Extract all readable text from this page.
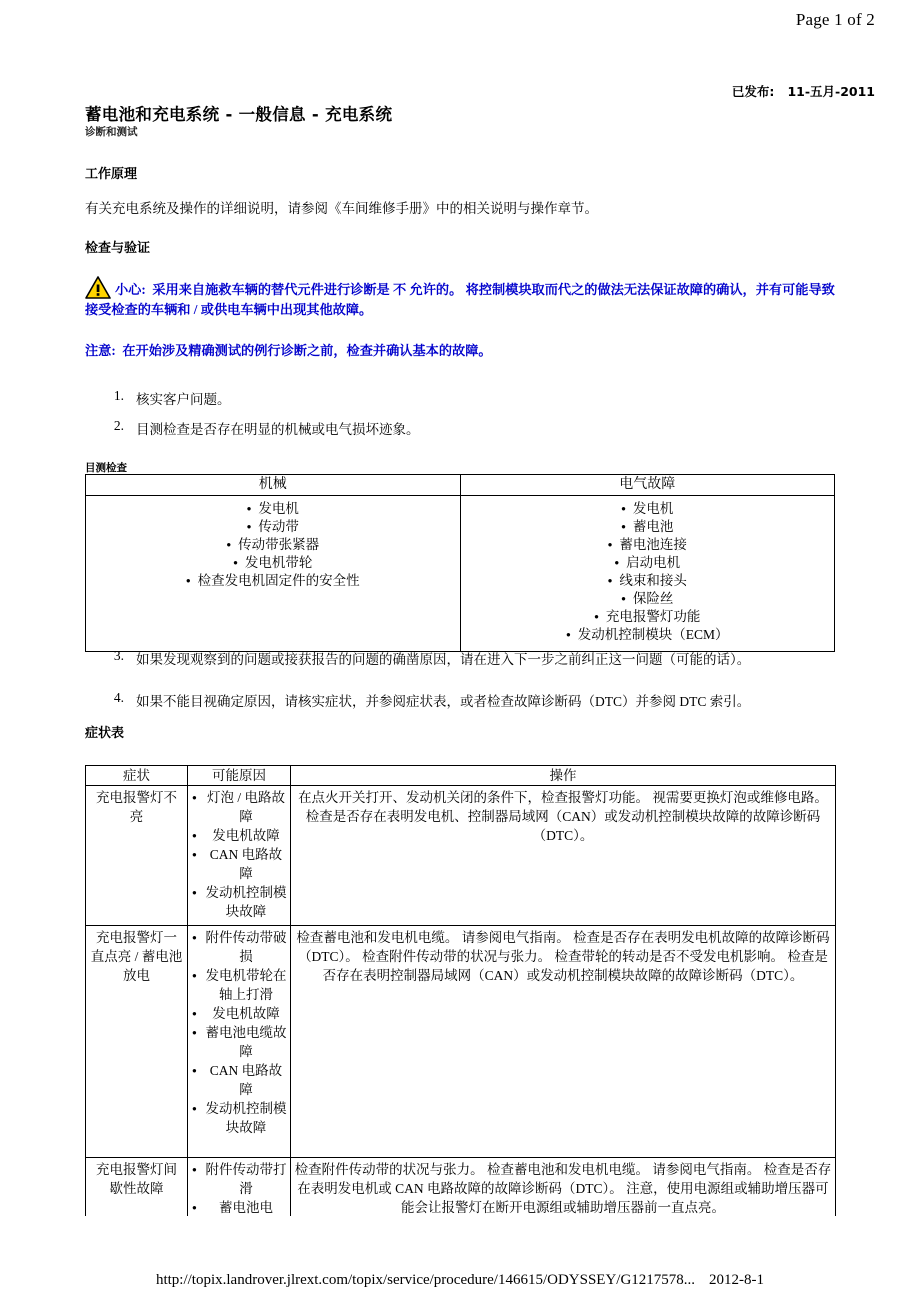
Page 1 of 2
已发布: 11-五月-2011
蓄电池和充电系统 - 一般信息 - 充电系统
诊断和测试
工作原理
有关充电系统及操作的详细说明，请参阅《车间维修手册》中的相关说明与操作章节。
检查与验证
小心: 采用来自施救车辆的替代元件进行诊断是 不 允许的。 将控制模块取而代之的做法无法保证故障的确认，并有可能导致接受检查的车辆和 / 或供电车辆中出现其他故障。
注意: 在开始涉及精确测试的例行诊断之前，检查并确认基本的故障。
1. 核实客户问题。
2. 目测检查是否存在明显的机械或电气损坏迹象。
目测检查
机械	电气故障

● 发电机
● 传动带
● 传动带张紧器
● 发电机带轮
● 检查发电机固定件的安全性

● 发电机
● 蓄电池
● 蓄电池连接
● 启动电机
● 线束和接头
● 保险丝
● 充电报警灯功能
● 发动机控制模块（ECM）
3. 如果发现观察到的问题或接获报告的问题的确凿原因，请在进入下一步之前纠正这一问题（可能的话）。
4. 如果不能目视确定原因，请核实症状，并参阅症状表，或者检查故障诊断码（DTC）并参阅 DTC 索引。
症状表
症状	可能原因	操作
充电报警灯不亮	
● 灯泡 / 电路故障
● 发电机故障
● CAN 电路故障
● 发动机控制模块故障
	在点火开关打开、发动机关闭的条件下，检查报警灯功能。 视需要更换灯泡或维修电路。 检查是否存在表明发电机、控制器局域网（CAN）或发动机控制模块故障的故障诊断码（DTC）。
充电报警灯一直点亮 / 蓄电池放电	
● 附件传动带破损
● 发电机带轮在轴上打滑
● 发电机故障
● 蓄电池电缆故障
● CAN 电路故障
● 发动机控制模块故障
	检查蓄电池和发电机电缆。 请参阅电气指南。 检查是否存在表明发电机故障的故障诊断码（DTC）。 检查附件传动带的状况与张力。 检查带轮的转动是否不受发电机影响。 检查是否存在表明控制器局域网（CAN）或发动机控制模块故障的故障诊断码（DTC）。
充电报警灯间歇性故障	
● 附件传动带打滑
● 蓄电池电
	检查附件传动带的状况与张力。 检查蓄电池和发电机电缆。 请参阅电气指南。 检查是否存在表明发电机或 CAN 电路故障的故障诊断码（DTC）。 注意，使用电源组或辅助增压器可能会让报警灯在断开电源组或辅助增压器前一直点亮。
http://topix.landrover.jlrext.com/topix/service/procedure/146615/ODYSSEY/G1217578... 2012-8-1
